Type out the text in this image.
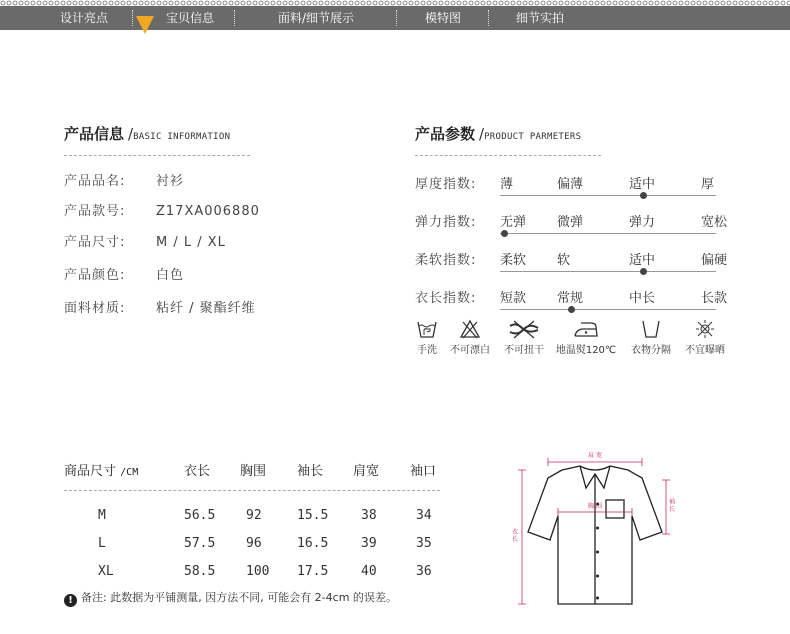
设计亮点	宝贝信息	面料/细节展示	模特图	细节实拍
产品信息 /BASIC INFORMATION
产品品名: 衬衫
产品款号: Z17XA006880
产品尺寸: M / L / XL
产品颜色: 白色
面料材质: 粘纤 / 聚酯纤维
产品参数 /PRODUCT PARMETERS
厚度指数: 薄	偏薄	适中	厚
弹力指数: 无弹 微弹	弹力	宽松
柔软指数: 柔软 软	适中	偏硬
衣长指数: 短款 常规	中长	长款
手洗	不可漂白	不可扭干	地温熨120℃	衣物分隔	不宜曝晒
商品尺寸 /CM	衣长 胸围 袖长 肩宽 袖口
M	56.5 92	15.5	38	34
L	57.5 96	16.5	39	35
XL	58.5 100 17.5	40	36
! 备注: 此数据为平铺测量, 因方法不同, 可能会有 2-4cm 的误差。
肩 宽
胸 围	袖 长
衣 长
